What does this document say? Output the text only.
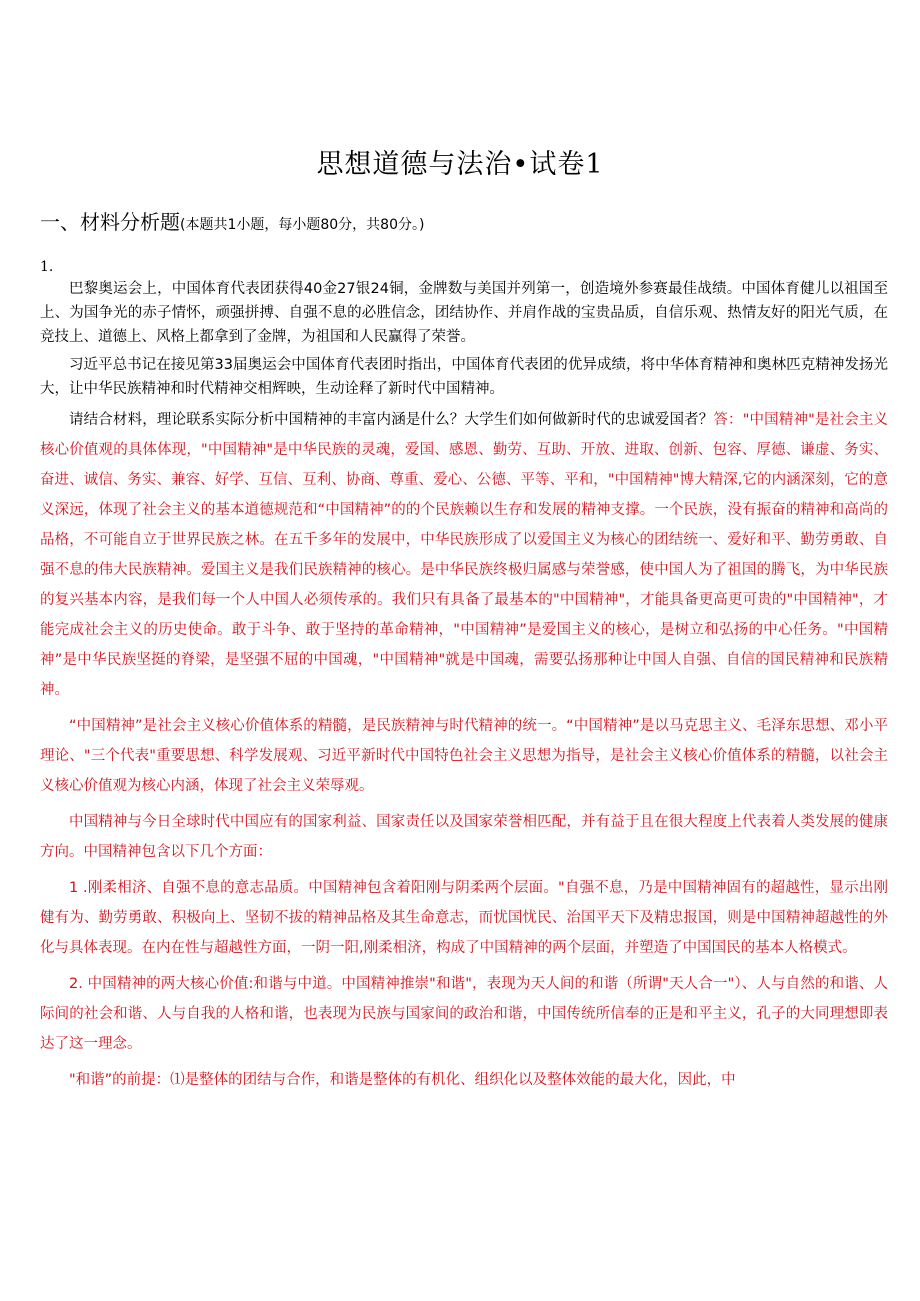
思想道德与法治•试卷1
一、材料分析题(本题共1小题，每小题80分，共80分。)
1.

巴黎奥运会上，中国体育代表团获得40金27银24铜，金牌数与美国并列第一，创造境外参赛最佳战绩。中国体育健儿以祖国至上、为国争光的赤子情怀，顽强拼搏、自强不息的必胜信念，团结协作、并肩作战的宝贵品质，自信乐观、热情友好的阳光气质，在竞技上、道德上、风格上都拿到了金牌，为祖国和人民赢得了荣誉。

习近平总书记在接见第33届奥运会中国体育代表团时指出，中国体育代表团的优异成绩，将中华体育精神和奥林匹克精神发扬光大，让中华民族精神和时代精神交相辉映，生动诠释了新时代中国精神。

请结合材料，理论联系实际分析中国精神的丰富内涵是什么？大学生们如何做新时代的忠诚爱国者？答："中国精神"是社会主义核心价值观的具体体现，"中国精神"是中华民族的灵魂，爱国、感恩、勤劳、互助、开放、进取、创新、包容、厚德、谦虚、务实、奋进、诚信、务实、兼容、好学、互信、互利、协商、尊重、爱心、公德、平等、平和，"中国精神"博大精深,它的内涵深刻，它的意义深远，体现了社会主义的基本道德规范和“中国精神”的的个民族赖以生存和发展的精神支撑。一个民族，没有振奋的精神和高尚的品格，不可能自立于世界民族之林。在五千多年的发展中，中华民族形成了以爱国主义为核心的团结统一、爱好和平、勤劳勇敢、自强不息的伟大民族精神。爱国主义是我们民族精神的核心。是中华民族终极归属感与荣誉感，使中国人为了祖国的腾飞，为中华民族的复兴基本内容，是我们每一个人中国人必须传承的。我们只有具备了最基本的"中国精神"，才能具备更高更可贵的"中国精神"，才能完成社会主义的历史使命。敢于斗争、敢于坚持的革命精神，"中国精神”是爱国主义的核心，是树立和弘扬的中心任务。"中国精神”是中华民族坚挺的脊梁，是坚强不屈的中国魂，"中国精神"就是中国魂，需要弘扬那种让中国人自强、自信的国民精神和民族精神。

“中国精神”是社会主义核心价值体系的精髓，是民族精神与时代精神的统一。“中国精神”是以马克思主义、毛泽东思想、邓小平理论、"三个代表"重要思想、科学发展观、习近平新时代中国特色社会主义思想为指导，是社会主义核心价值体系的精髓，以社会主义核心价值观为核心内涵，体现了社会主义荣辱观。

中国精神与今日全球时代中国应有的国家利益、国家责任以及国家荣誉相匹配，并有益于且在很大程度上代表着人类发展的健康方向。中国精神包含以下几个方面：

1 .刚柔相济、自强不息的意志品质。中国精神包含着阳刚与阴柔两个层面。"自强不息，乃是中国精神固有的超越性，显示出刚健有为、勤劳勇敢、积极向上、坚韧不拔的精神品格及其生命意志，而忧国忧民、治国平天下及精忠报国，则是中国精神超越性的外化与具体表现。在内在性与超越性方面，一阴一阳,刚柔相济，构成了中国精神的两个层面，并塑造了中国国民的基本人格模式。

2. 中国精神的两大核心价值:和谐与中道。中国精神推崇"和谐"，表现为天人间的和谐（所谓"天人合一"）、人与自然的和谐、人际间的社会和谐、人与自我的人格和谐，也表现为民族与国家间的政治和谐，中国传统所信奉的正是和平主义，孔子的大同理想即表达了这一理念。

"和谐”的前提：⑴是整体的团结与合作，和谐是整体的有机化、组织化以及整体效能的最大化，因此，中
